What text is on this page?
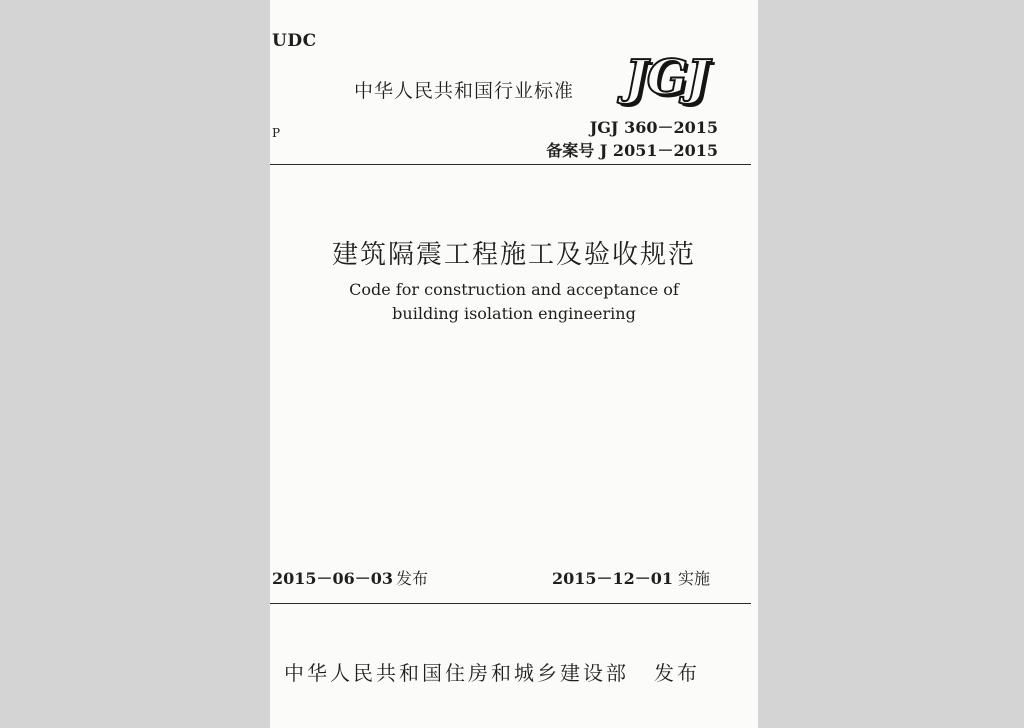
UDC
P
中华人民共和国行业标准 JGJ
JGJ 360－2015
备案号 J 2051－2015
建筑隔震工程施工及验收规范
Code for construction and acceptance of
building isolation engineering
2015－06－03 发布	2015－12－01 实施
中华人民共和国住房和城乡建设部 发布
